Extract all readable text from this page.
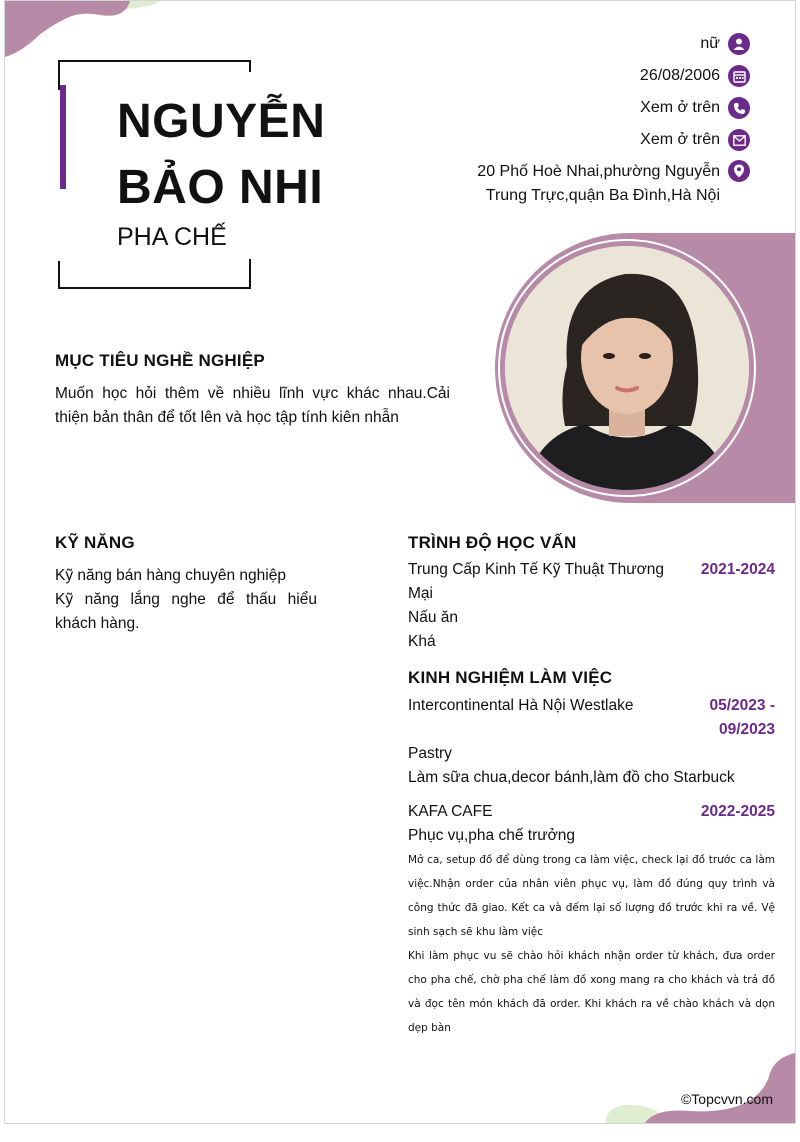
NGUYỄN BẢO NHI
PHA CHẾ
nữ
26/08/2006
Xem ở trên
Xem ở trên
20 Phố Hoè Nhai,phường Nguyễn
Trung Trực,quận Ba Đình,Hà Nội
MỤC TIÊU NGHỀ NGHIỆP

Muốn học hỏi thêm về nhiều lĩnh vực khác nhau.Cải thiện bản thân để tốt lên và học tập tính kiên nhẫn

KỸ NĂNG

Kỹ năng bán hàng chuyên nghiệp

Kỹ năng lắng nghe để thấu hiểu khách hàng.

TRÌNH ĐỘ HỌC VẤN
Trung Cấp Kinh Tế Kỹ Thuật Thương
Mại
Nấu ăn
Khá
2021-2024
KINH NGHIỆM LÀM VIỆC
Intercontinental Hà Nội Westlake	05/2023 -
09/2023
Pastry
Làm sữa chua,decor bánh,làm đồ cho Starbuck
KAFA CAFE	2022-2025
Phục vụ,pha chế trưởng

Mở ca, setup đồ để dùng trong ca làm việc, check lại đồ trước ca làm việc.Nhận order của nhân viên phục vụ, làm đồ đúng quy trình và công thức đã giao. Kết ca và đếm lại số lượng đồ trước khi ra về. Vệ sinh sạch sẽ khu làm việc

Khi làm phục vu sẽ chào hỏi khách nhận order từ khách, đưa order cho pha chế, chờ pha chế làm đồ xong mang ra cho khách và trả đồ và đọc tên món khách đã order. Khi khách ra về chào khách và dọn dẹp bàn

©Topcvvn.com
